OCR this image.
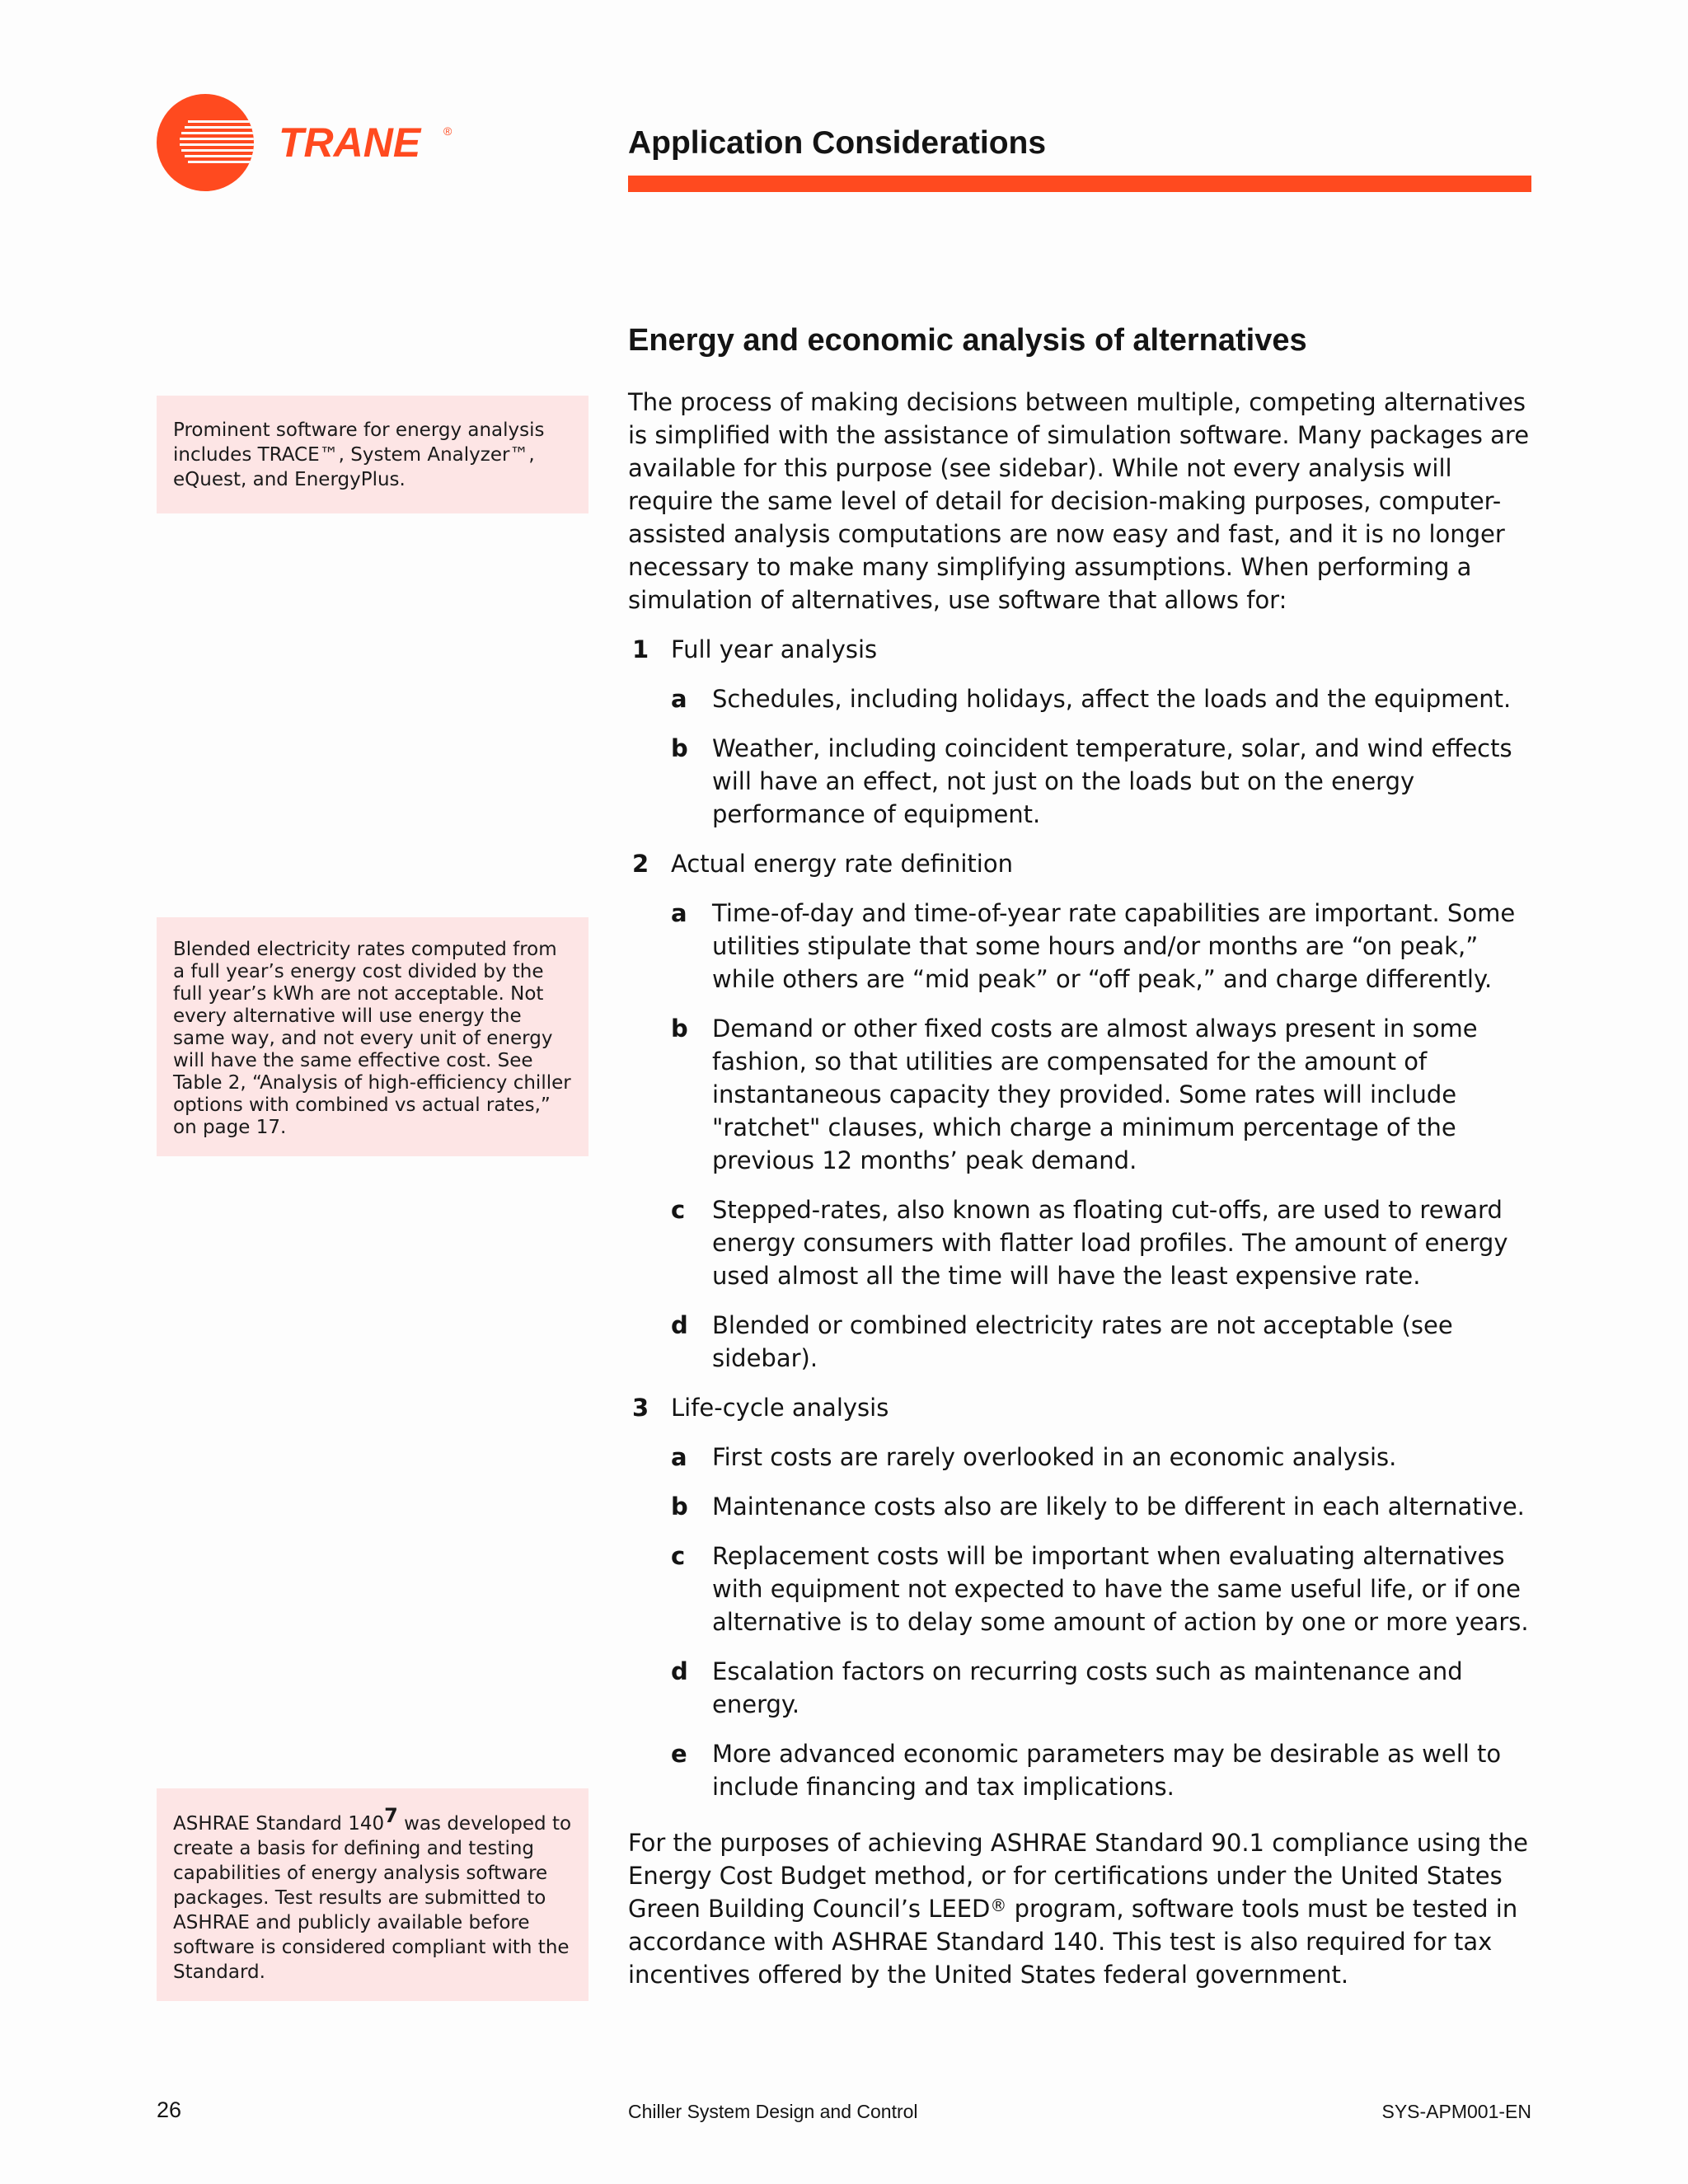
TRANE ®	Application Considerations

Prominent software for energy analysis includes TRACE™, System Analyzer™, eQuest, and EnergyPlus.

Blended electricity rates computed from a full year’s energy cost divided by the full year’s kWh are not acceptable. Not every alternative will use energy the same way, and not every unit of energy will have the same effective cost. See Table 2, “Analysis of high-efficiency chiller options with combined vs actual rates,” on page 17.

ASHRAE Standard 140$^7$ was developed to create a basis for defining and testing capabilities of energy analysis software packages. Test results are submitted to ASHRAE and publicly available before software is considered compliant with the Standard.

Energy and economic analysis of alternatives

The process of making decisions between multiple, competing alternatives is simplified with the assistance of simulation software. Many packages are available for this purpose (see sidebar). While not every analysis will require the same level of detail for decision-making purposes, computer-assisted analysis computations are now easy and fast, and it is no longer necessary to make many simplifying assumptions. When performing a simulation of alternatives, use software that allows for:

1 Full year analysis
a Schedules, including holidays, affect the loads and the equipment.
b Weather, including coincident temperature, solar, and wind effects will have an effect, not just on the loads but on the energy performance of equipment.
2 Actual energy rate definition
a Time-of-day and time-of-year rate capabilities are important. Some utilities stipulate that some hours and/or months are “on peak,” while others are “mid peak” or “off peak,” and charge differently.
b Demand or other fixed costs are almost always present in some fashion, so that utilities are compensated for the amount of instantaneous capacity they provided. Some rates will include "ratchet" clauses, which charge a minimum percentage of the previous 12 months’ peak demand.
c Stepped-rates, also known as floating cut-offs, are used to reward energy consumers with flatter load profiles. The amount of energy used almost all the time will have the least expensive rate.
d Blended or combined electricity rates are not acceptable (see sidebar).
3 Life-cycle analysis
a First costs are rarely overlooked in an economic analysis.
b Maintenance costs also are likely to be different in each alternative.
c Replacement costs will be important when evaluating alternatives with equipment not expected to have the same useful life, or if one alternative is to delay some amount of action by one or more years.
d Escalation factors on recurring costs such as maintenance and energy.
e More advanced economic parameters may be desirable as well to include financing and tax implications.

For the purposes of achieving ASHRAE Standard 90.1 compliance using the Energy Cost Budget method, or for certifications under the United States Green Building Council’s LEED® program, software tools must be tested in accordance with ASHRAE Standard 140. This test is also required for tax incentives offered by the United States federal government.

26	Chiller System Design and Control	SYS-APM001-EN
